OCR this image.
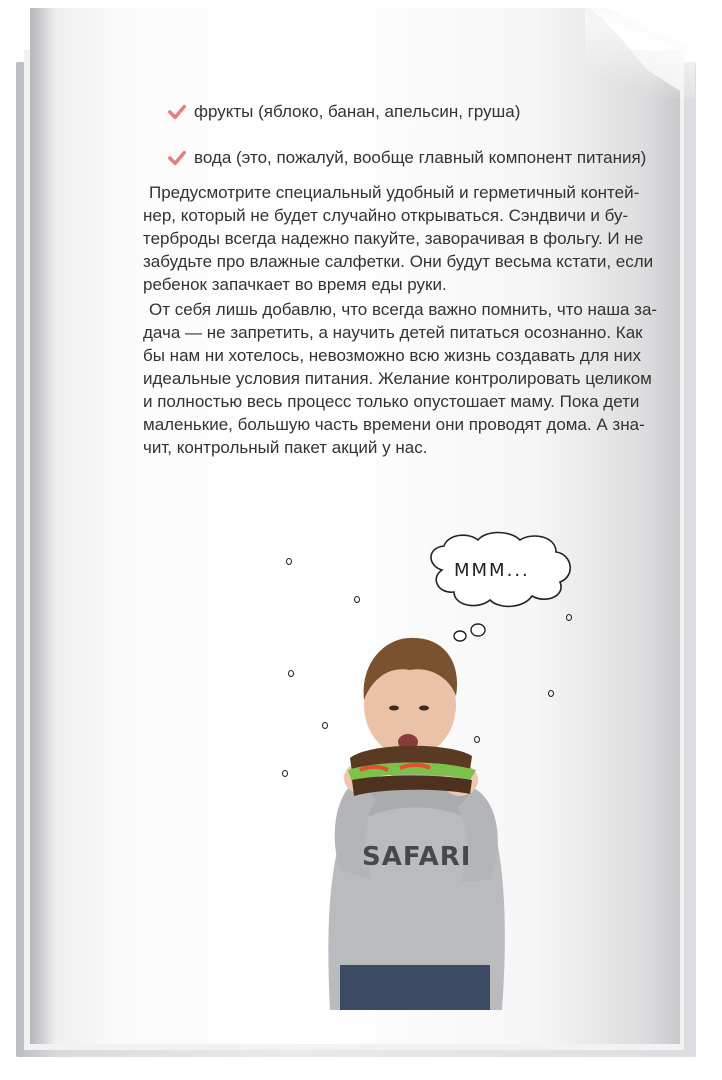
фрукты (яблоко, банан, апельсин, груша)
вода (это, пожалуй, вообще главный компонент питания)
Предусмотрите специальный удобный и герметичный контей-
нер, который не будет случайно открываться. Сэндвичи и бу-
терброды всегда надежно пакуйте, заворачивая в фольгу. И не
забудьте про влажные салфетки. Они будут весьма кстати, если
ребенок запачкает во время еды руки.
От себя лишь добавлю, что всегда важно помнить, что наша за-
дача — не запретить, а научить детей питаться осознанно. Как
бы нам ни хотелось, невозможно всю жизнь создавать для них
идеальные условия питания. Желание контролировать целиком
и полностью весь процесс только опустошает маму. Пока дети
маленькие, большую часть времени они проводят дома. А зна-
чит, контрольный пакет акций у нас.
МММ...
SAFARI
